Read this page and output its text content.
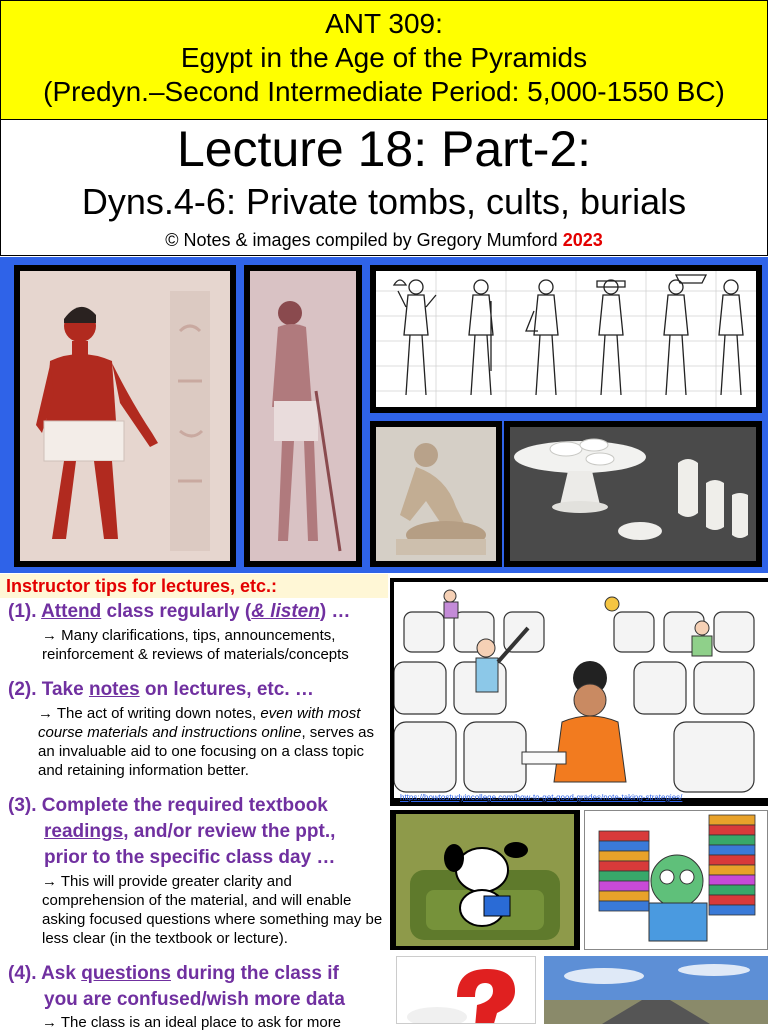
ANT 309:
Egypt in the Age of the Pyramids
(Predyn.–Second Intermediate Period: 5,000-1550 BC)
Lecture 18: Part-2:
Dyns.4-6: Private tombs, cults, burials
© Notes & images compiled by Gregory Mumford 2023
Instructor tips for lectures, etc.:
(1). Attend class regularly (& listen) …
→ Many clarifications, tips, announcements, reinforcement & reviews of materials/concepts
(2). Take notes on lectures, etc. …
→ The act of writing down notes, even with most course materials and instructions online, serves as an invaluable aid to one focusing on a class topic and retaining information better.
(3). Complete the required textbook
readings, and/or review the ppt.,
prior to the specific class day …
→ This will provide greater clarity and comprehension of the material, and will enable asking focused questions where something may be less clear (in the textbook or lecture).
(4). Ask questions during the class if
you are confused/wish more data
→ The class is an ideal place to ask for more
https://howtostudyincollege.com/how-to-get-good-grades/note-taking-strategies/
